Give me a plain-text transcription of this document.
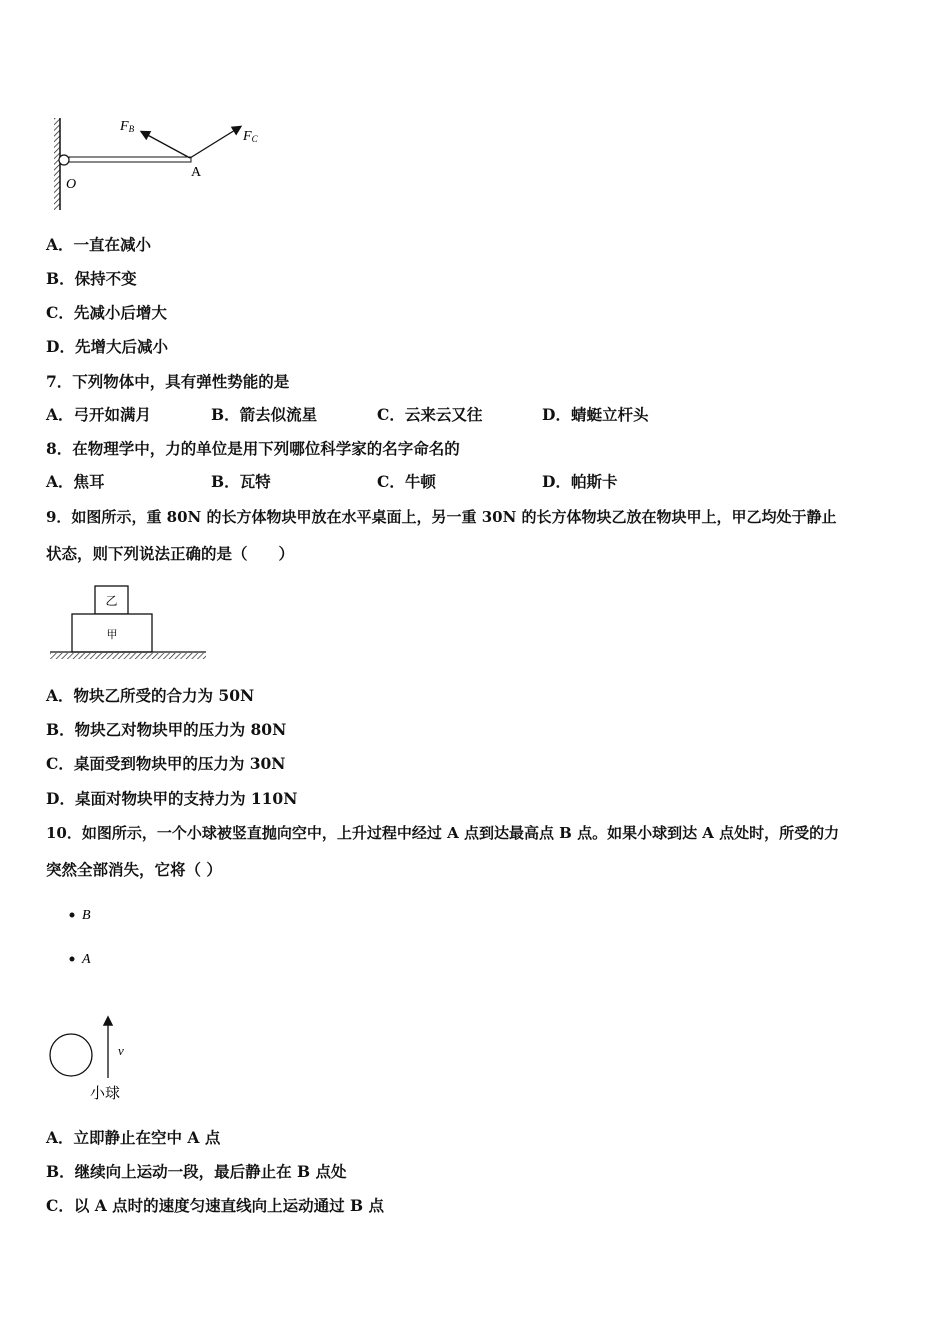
FB	FC
O
A
A．一直在减小
B．保持不变
C．先减小后增大
D．先增大后减小
7．下列物体中，具有弹性势能的是
A．弓开如满月	B．箭去似流星	C．云来云又往	D．蜻蜓立杆头
8．在物理学中，力的单位是用下列哪位科学家的名字命名的
A．焦耳	B．瓦特	C．牛顿	D．帕斯卡
9．如图所示，重 80N 的长方体物块甲放在水平桌面上，另一重 30N 的长方体物块乙放在物块甲上，甲乙均处于静止
状态，则下列说法正确的是（　　）
乙
甲
A．物块乙所受的合力为 50N
B．物块乙对物块甲的压力为 80N
C．桌面受到物块甲的压力为 30N
D．桌面对物块甲的支持力为 110N
10．如图所示，一个小球被竖直抛向空中，上升过程中经过 A 点到达最高点 B 点。如果小球到达 A 点处时，所受的力
突然全部消失，它将（ ）
B
A
v
小球
A．立即静止在空中 A 点
B．继续向上运动一段，最后静止在 B 点处
C．以 A 点时的速度匀速直线向上运动通过 B 点
